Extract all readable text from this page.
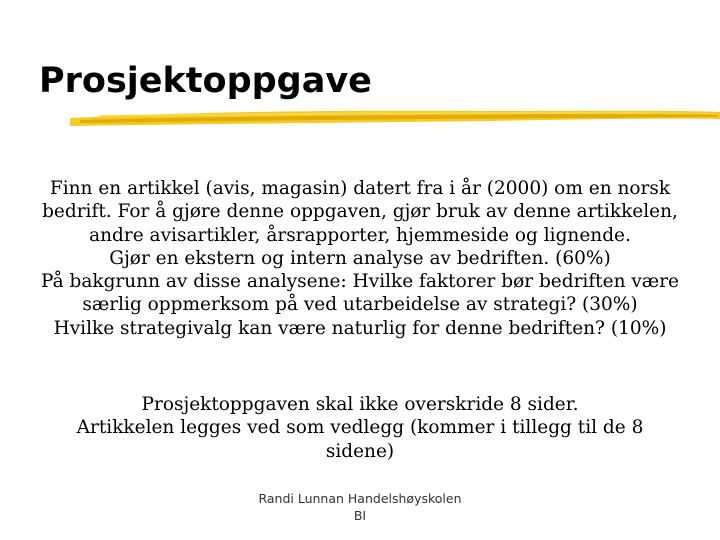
Prosjektoppgave

Finn en artikkel (avis, magasin) datert fra i år (2000) om en norsk bedrift. For å gjøre denne oppgaven, gjør bruk av denne artikkelen, andre avisartikler, årsrapporter, hjemmeside og lignende.

Gjør en ekstern og intern analyse av bedriften. (60%)

På bakgrunn av disse analysene: Hvilke faktorer bør bedriften være særlig oppmerksom på ved utarbeidelse av strategi? (30%)

Hvilke strategivalg kan være naturlig for denne bedriften? (10%)

Prosjektoppgaven skal ikke overskride 8 sider.

Artikkelen legges ved som vedlegg (kommer i tillegg til de 8 sidene)

Randi Lunnan Handelshøyskolen

BI
